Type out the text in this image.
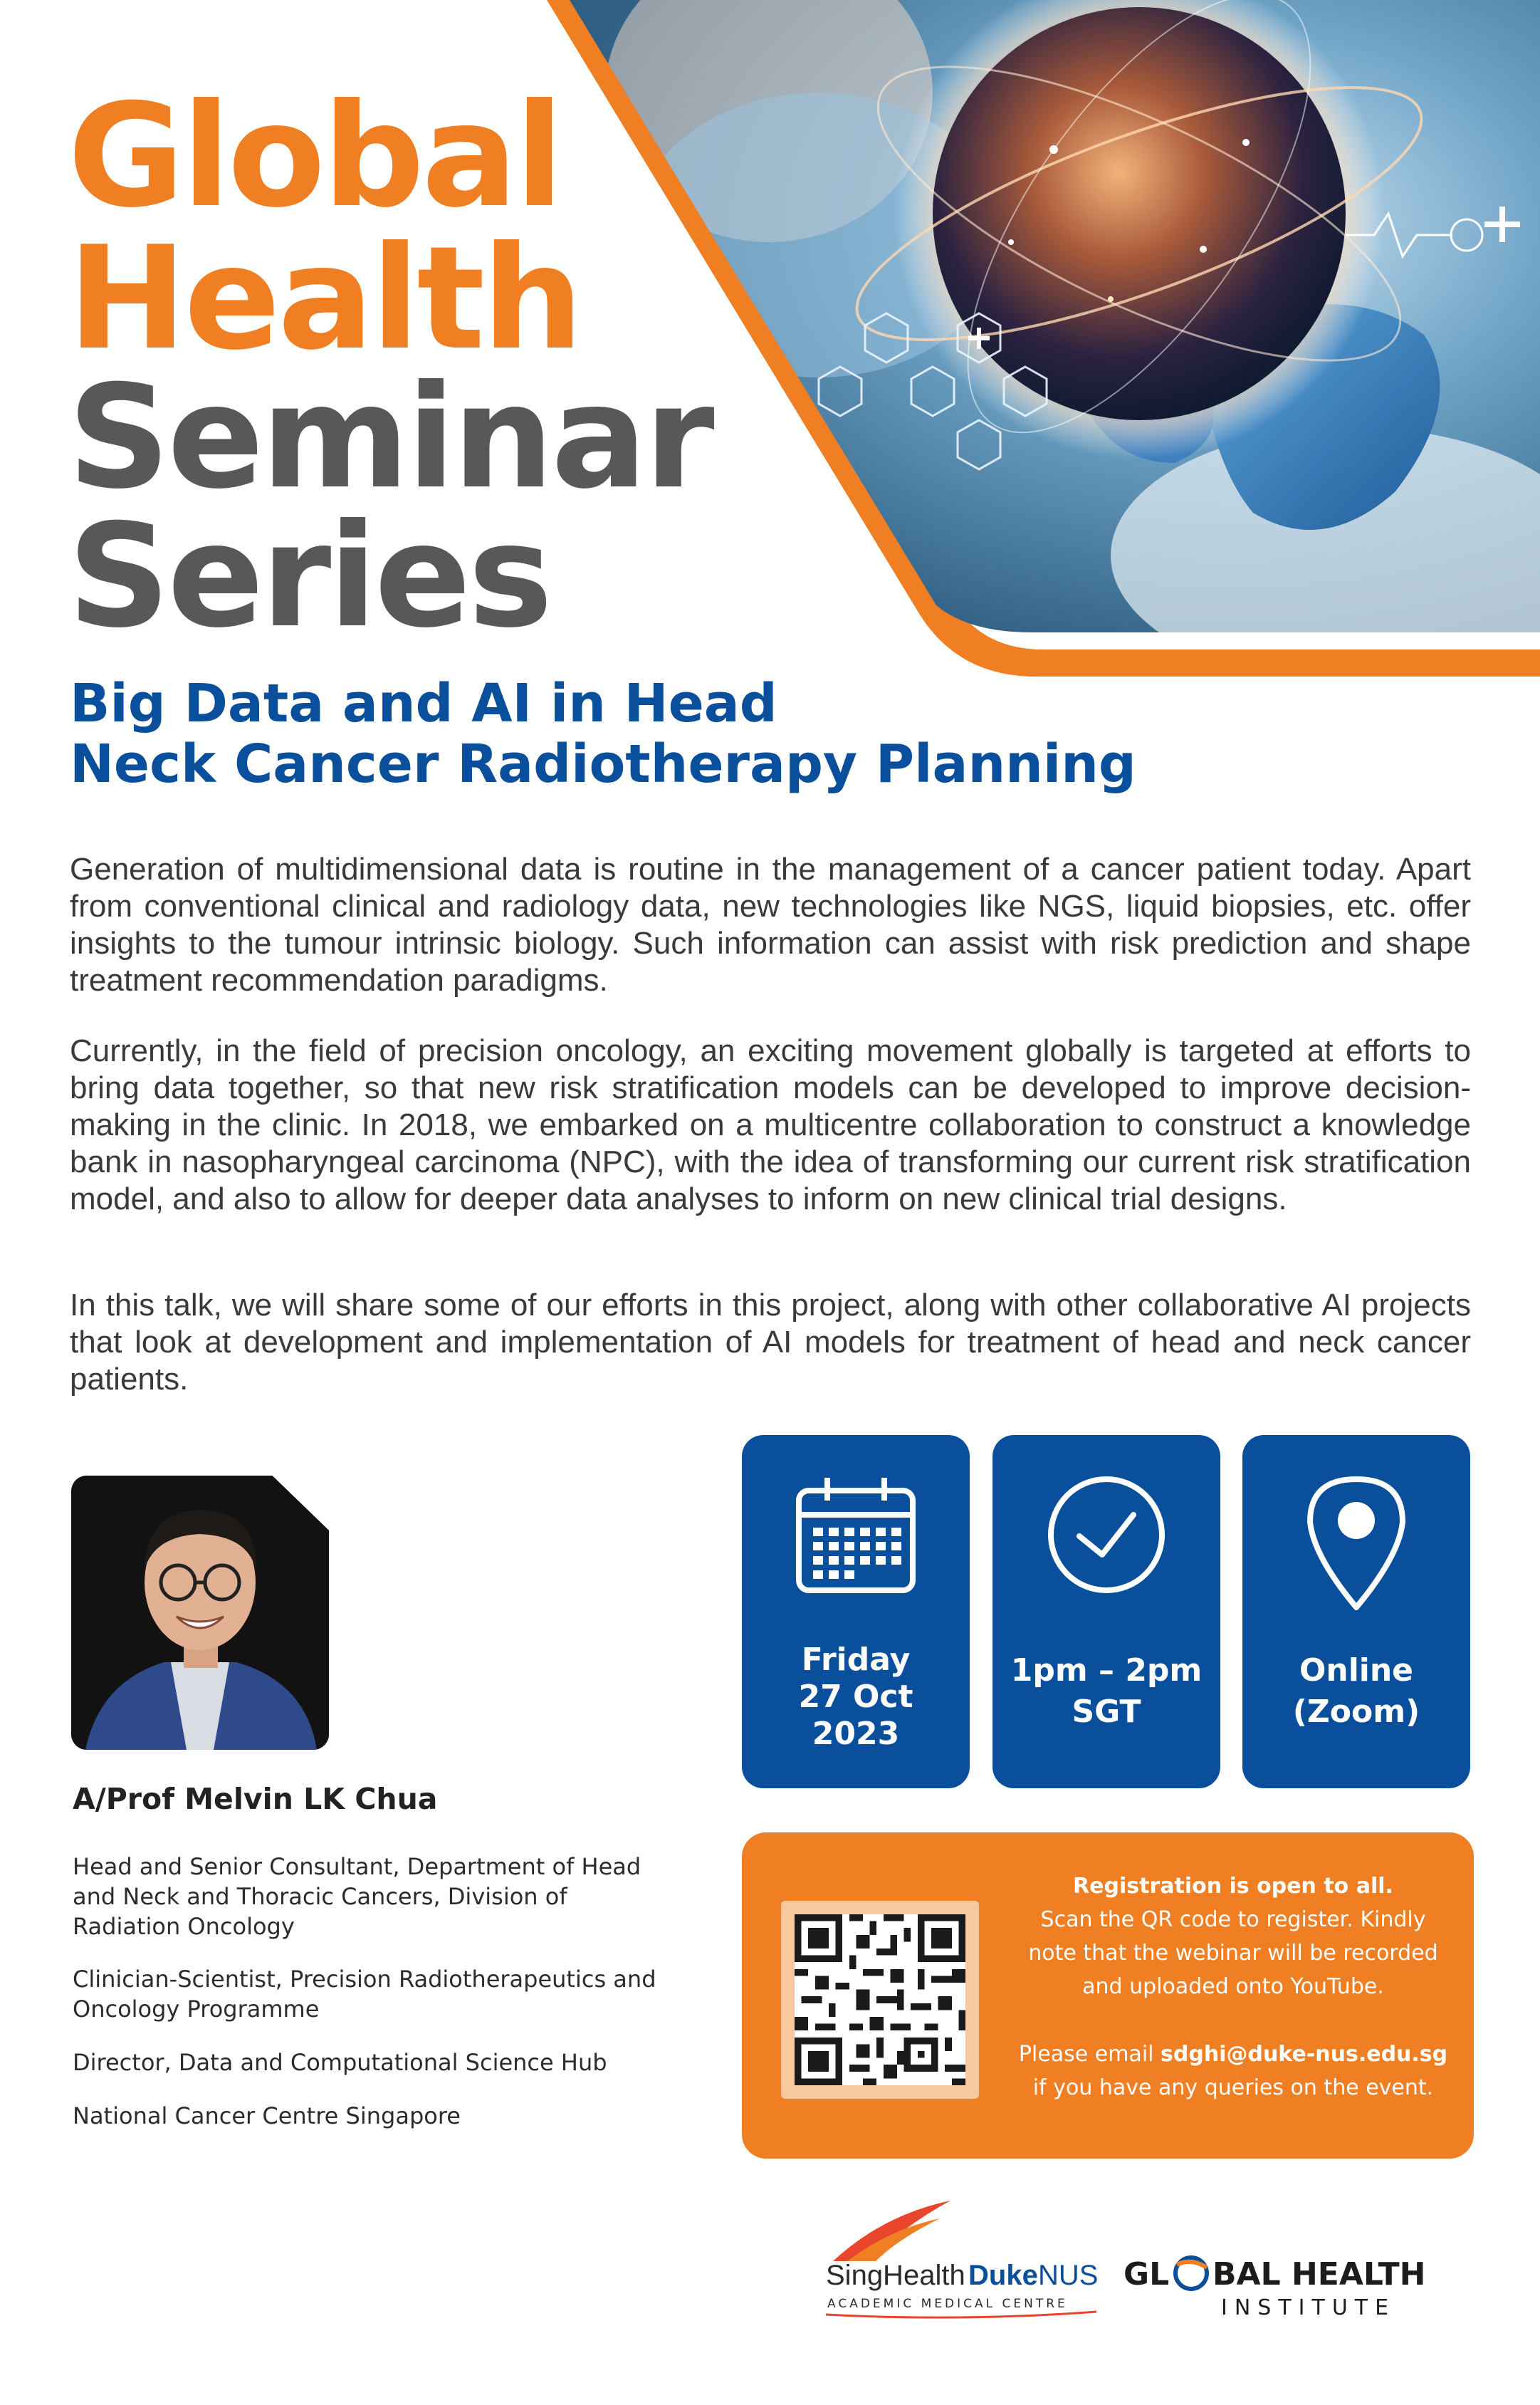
Global
Health
Seminar
Series
Big Data and AI in Head
Neck Cancer Radiotherapy Planning

Generation of multidimensional data is routine in the management of a cancer patient today. Apart from conventional clinical and radiology data, new technologies like NGS, liquid biopsies, etc. offer insights to the tumour intrinsic biology. Such information can assist with risk prediction and shape treatment recommendation paradigms.

Currently, in the field of precision oncology, an exciting movement globally is targeted at efforts to bring data together, so that new risk stratification models can be developed to improve decision-making in the clinic. In 2018, we embarked on a multicentre collaboration to construct a knowledge bank in nasopharyngeal carcinoma (NPC), with the idea of transforming our current risk stratification model, and also to allow for deeper data analyses to inform on new clinical trial designs.

In this talk, we will share some of our efforts in this project, along with other collaborative AI projects that look at development and implementation of AI models for treatment of head and neck cancer patients.

A/Prof Melvin LK Chua

Head and Senior Consultant, Department of Head and Neck and Thoracic Cancers, Division of Radiation Oncology

Clinician-Scientist, Precision Radiotherapeutics and Oncology Programme

Director, Data and Computational Science Hub

National Cancer Centre Singapore

Friday
27 Oct
2023
1pm – 2pm
SGT
Online
(Zoom)

Registration is open to all.

Scan the QR code to register. Kindly

note that the webinar will be recorded

and uploaded onto YouTube.

Please email sdghi@duke-nus.edu.sg

if you have any queries on the event.

SingHealth Duke NUS
ACADEMIC MEDICAL CENTRE
GL BAL HEALTH
INSTITUTE
